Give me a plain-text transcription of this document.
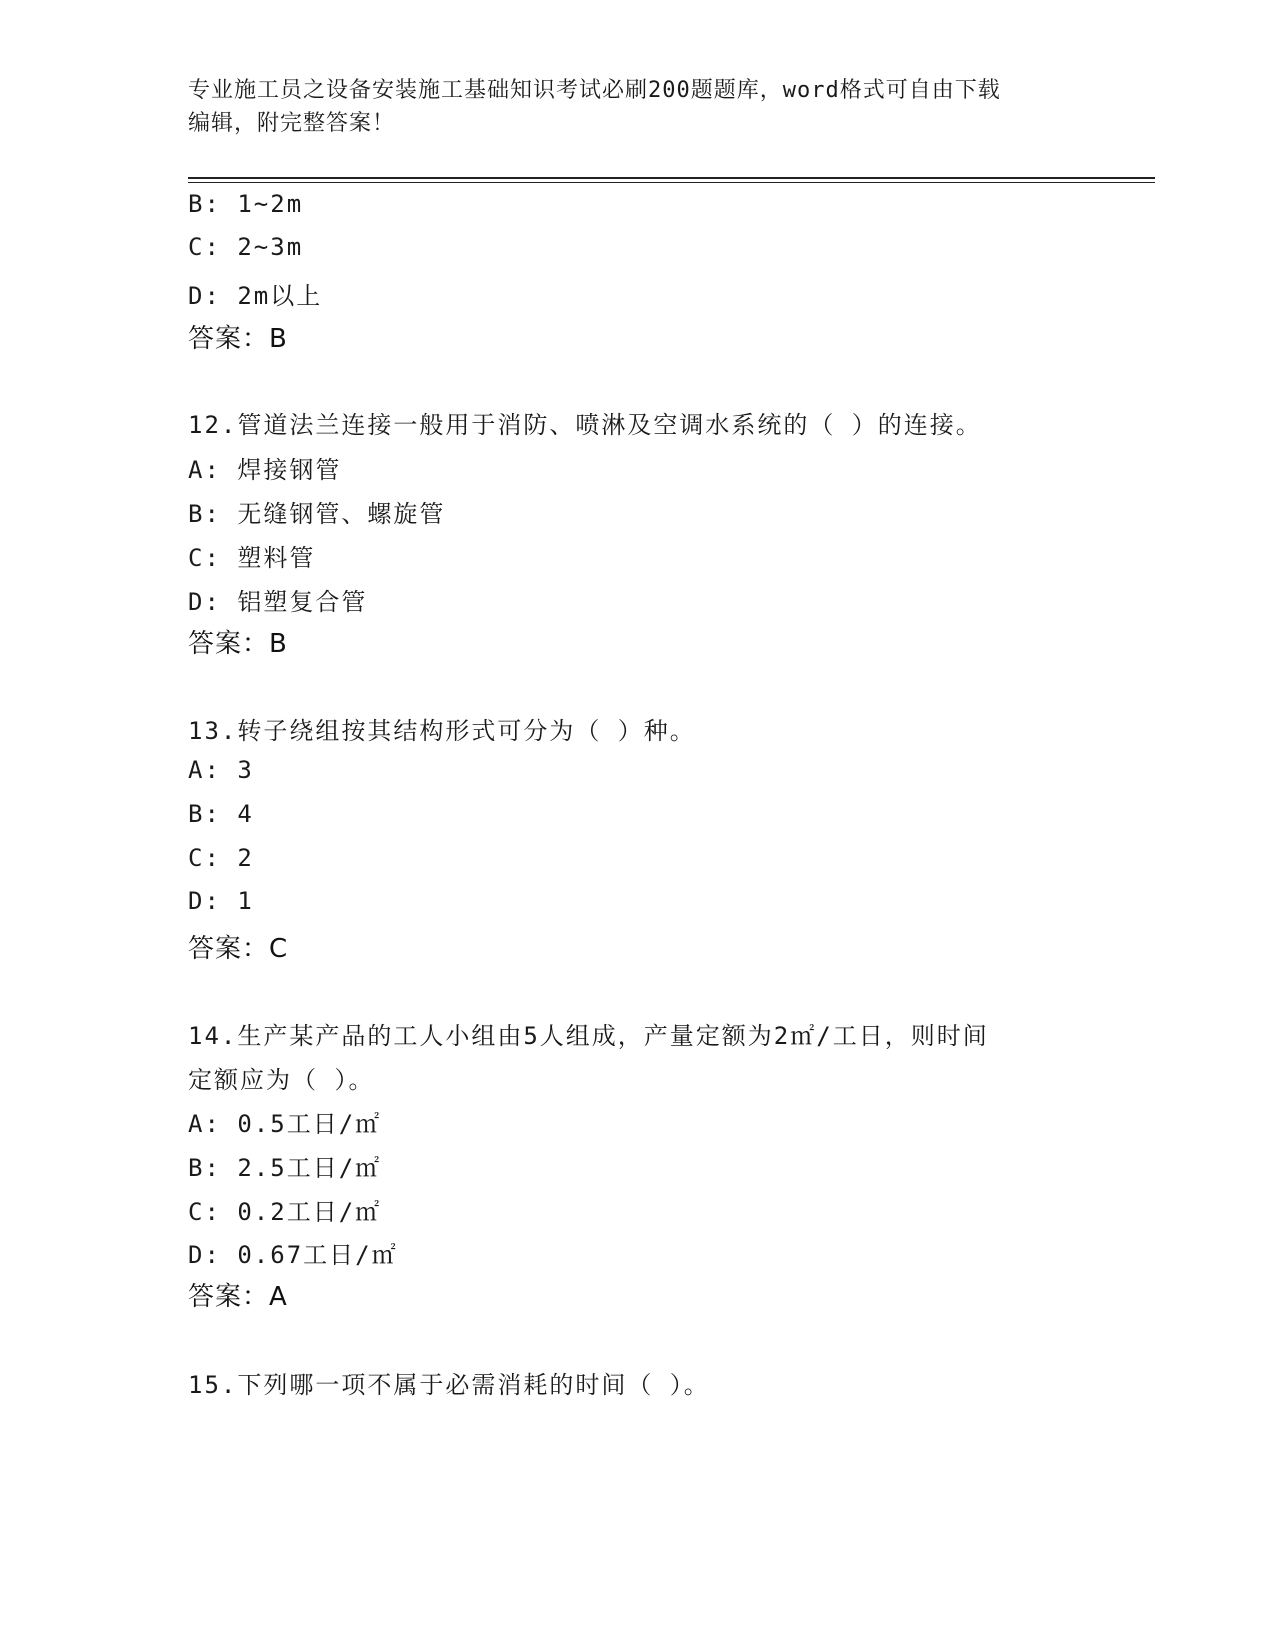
专业施工员之设备安装施工基础知识考试必刷200题题库，word格式可自由下载
编辑，附完整答案！
B: 1~2m
C: 2~3m
D: 2m以上
答案：B
12.管道法兰连接一般用于消防、喷淋及空调水系统的（ ）的连接。
A: 焊接钢管
B: 无缝钢管、螺旋管
C: 塑料管
D: 铝塑复合管
答案：B
13.转子绕组按其结构形式可分为（ ）种。
A: 3
B: 4
C: 2
D: 1
答案：C
14.生产某产品的工人小组由5人组成，产量定额为2㎡/工日，则时间
定额应为（ ）。
A: 0.5工日/㎡
B: 2.5工日/㎡
C: 0.2工日/㎡
D: 0.67工日/㎡
答案：A
15.下列哪一项不属于必需消耗的时间（ ）。
